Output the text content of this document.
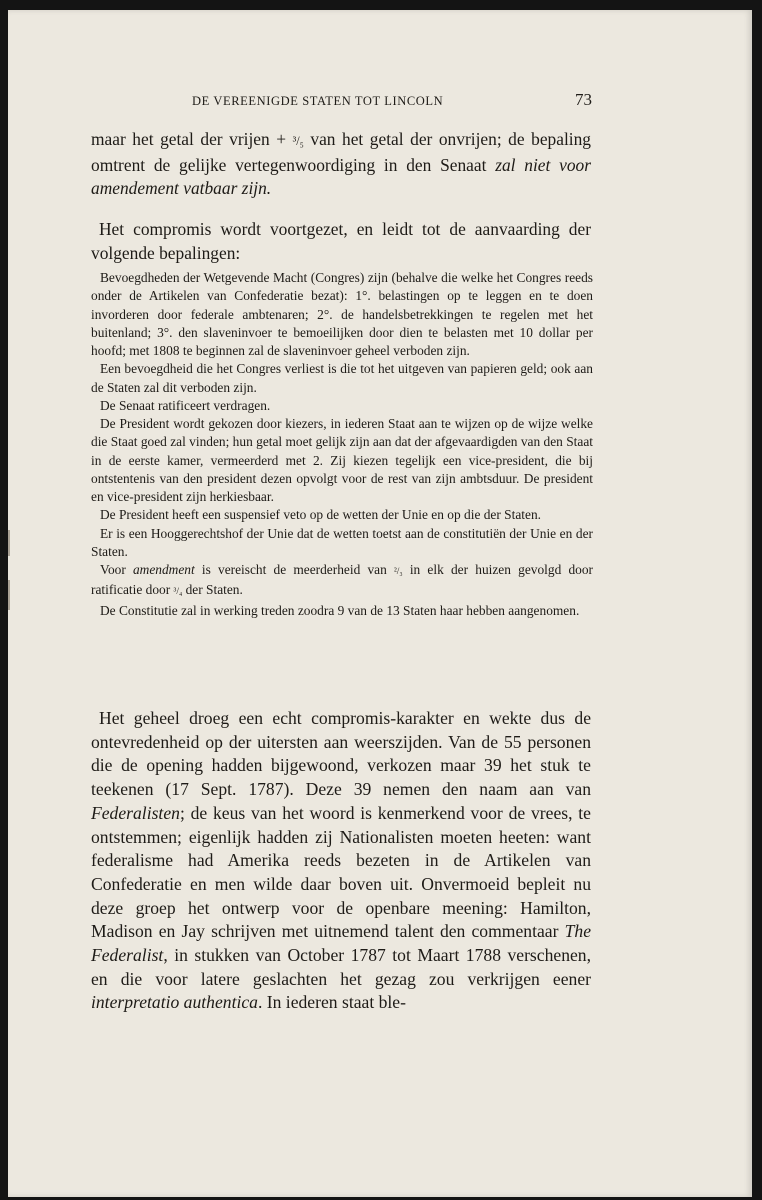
DE VEREENIGDE STATEN TOT LINCOLN	73

maar het getal der vrijen + ³/₅ van het getal der onvrijen; de bepaling omtrent de gelijke vertegenwoordiging in den Senaat zal niet voor amendement vatbaar zijn.

Het compromis wordt voortgezet, en leidt tot de aanvaarding der volgende bepalingen:

Bevoegdheden der Wetgevende Macht (Congres) zijn (behalve die welke het Congres reeds onder de Artikelen van Confederatie bezat): 1°. belastingen op te leggen en te doen invorderen door federale ambtenaren; 2°. de handelsbetrekkingen te regelen met het buitenland; 3°. den slaveninvoer te bemoeilijken door dien te belasten met 10 dollar per hoofd; met 1808 te beginnen zal de slaveninvoer geheel verboden zijn.

Een bevoegdheid die het Congres verliest is die tot het uitgeven van papieren geld; ook aan de Staten zal dit verboden zijn.

De Senaat ratificeert verdragen.

De President wordt gekozen door kiezers, in iederen Staat aan te wijzen op de wijze welke die Staat goed zal vinden; hun getal moet gelijk zijn aan dat der afgevaardigden van den Staat in de eerste kamer, vermeerderd met 2. Zij kiezen tegelijk een vice-president, die bij ontstentenis van den president dezen opvolgt voor de rest van zijn ambtsduur. De president en vice-president zijn herkiesbaar.

De President heeft een suspensief veto op de wetten der Unie en op die der Staten.

Er is een Hooggerechtshof der Unie dat de wetten toetst aan de constitutiën der Unie en der Staten.

Voor amendment is vereischt de meerderheid van ²/₃ in elk der huizen gevolgd door ratificatie door ³/₄ der Staten.

De Constitutie zal in werking treden zoodra 9 van de 13 Staten haar hebben aangenomen.

Het geheel droeg een echt compromis-karakter en wekte dus de ontevredenheid op der uitersten aan weerszijden. Van de 55 personen die de opening hadden bijgewoond, verkozen maar 39 het stuk te teekenen (17 Sept. 1787). Deze 39 nemen den naam aan van Federalisten; de keus van het woord is kenmerkend voor de vrees, te ontstemmen; eigenlijk hadden zij Nationalisten moeten heeten: want federalisme had Amerika reeds bezeten in de Artikelen van Confederatie en men wilde daar boven uit. Onvermoeid bepleit nu deze groep het ontwerp voor de openbare meening: Hamilton, Madison en Jay schrijven met uitnemend talent den commentaar The Federalist, in stukken van October 1787 tot Maart 1788 verschenen, en die voor latere geslachten het gezag zou verkrijgen eener interpretatio authentica. In iederen staat ble-
